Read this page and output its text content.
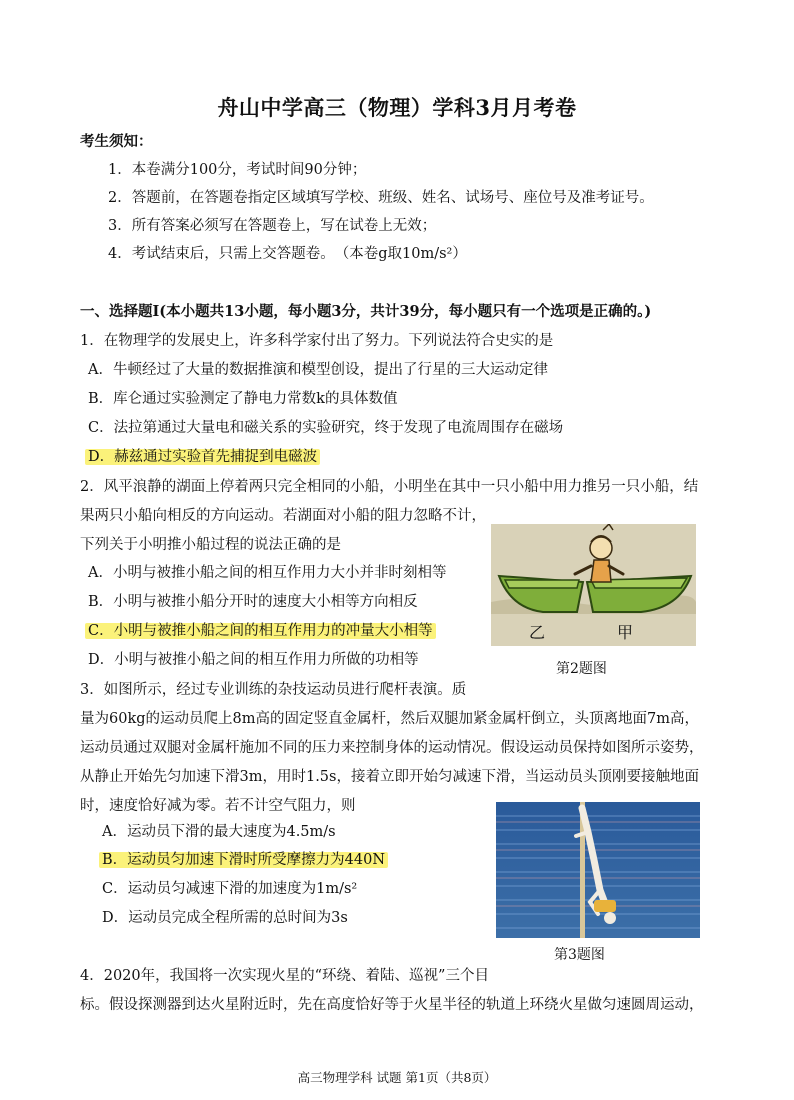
舟山中学高三（物理）学科3月月考卷
考生须知：
1．本卷满分100分，考试时间90分钟；
2．答题前，在答题卷指定区域填写学校、班级、姓名、试场号、座位号及准考证号。
3．所有答案必须写在答题卷上，写在试卷上无效；
4．考试结束后，只需上交答题卷。　（本卷g取10m/s²）
一、选择题Ⅰ(本小题共13小题，每小题3分，共计39分，每小题只有一个选项是正确的。)
1．在物理学的发展史上，许多科学家付出了努力。下列说法符合史实的是
A．牛顿经过了大量的数据推演和模型创设，提出了行星的三大运动定律
B．库仑通过实验测定了静电力常数k的具体数值
C．法拉第通过大量电和磁关系的实验研究，终于发现了电流周围存在磁场
D．赫兹通过实验首先捕捉到电磁波
2．风平浪静的湖面上停着两只完全相同的小船，小明坐在其中一只小船中用力推另一只小船，结
果两只小船向相反的方向运动。若湖面对小船的阻力忽略不计，
下列关于小明推小船过程的说法正确的是
A．小明与被推小船之间的相互作用力大小并非时刻相等
B．小明与被推小船分开时的速度大小相等方向相反
C．小明与被推小船之间的相互作用力的冲量大小相等
D．小明与被推小船之间的相互作用力所做的功相等
乙	甲
第2题图
3．如图所示，经过专业训练的杂技运动员进行爬杆表演。质
量为60kg的运动员爬上8m高的固定竖直金属杆，然后双腿加紧金属杆倒立，头顶离地面7m高，
运动员通过双腿对金属杆施加不同的压力来控制身体的运动情况。假设运动员保持如图所示姿势，
从静止开始先匀加速下滑3m，用时1.5s，接着立即开始匀减速下滑，当运动员头顶刚要接触地面
时，速度恰好减为零。若不计空气阻力，则
A．运动员下滑的最大速度为4.5m/s
B．运动员匀加速下滑时所受摩擦力为440N
C．运动员匀减速下滑的加速度为1m/s²
D．运动员完成全程所需的总时间为3s
第3题图
4．2020年，我国将一次实现火星的“环绕、着陆、巡视”三个目
标。假设探测器到达火星附近时，先在高度恰好等于火星半径的轨道上环绕火星做匀速圆周运动，
高三物理学科 试题 第1页（共8页）
